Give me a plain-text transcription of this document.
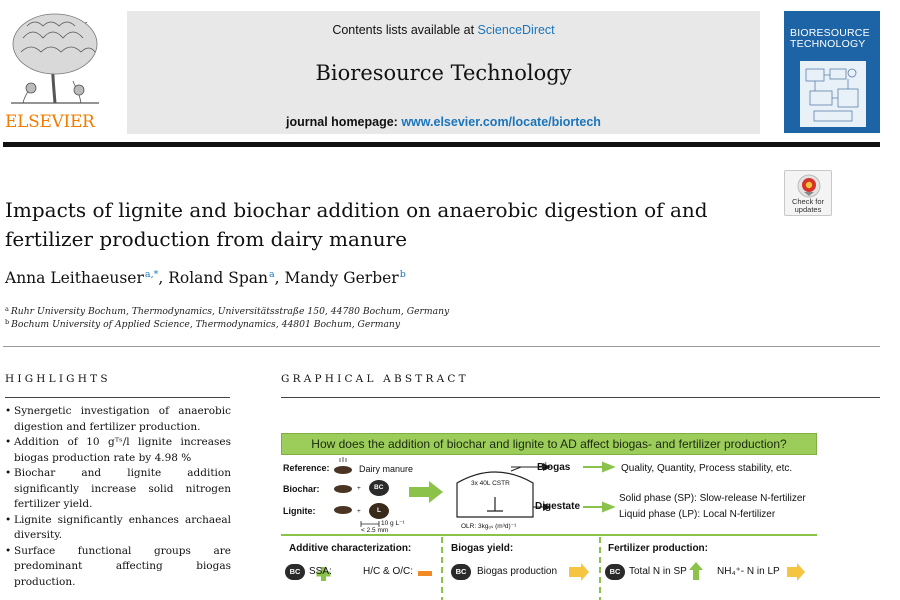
ELSEVIER
Contents lists available at ScienceDirect
Bioresource Technology
journal homepage: www.elsevier.com/locate/biortech
BIORESOURCE
TECHNOLOGY
Check for
updates
Impacts of lignite and biochar addition on anaerobic digestion of and
fertilizer production from dairy manure
Anna Leithaeuser$^{a,*}$, Roland Span$^a$, Mandy Gerber$^b$
$^a$ Ruhr University Bochum, Thermodynamics, Universitätsstraße 150, 44780 Bochum, Germany
$^b$ Bochum University of Applied Science, Thermodynamics, 44801 Bochum, Germany
HIGHLIGHTS
• Synergetic investigation of anaerobic digestion and fertilizer production.
• Addition of 10 gᵀˢ/l lignite increases biogas production rate by 4.98 %
• Biochar and lignite addition significantly increase solid nitrogen fertilizer yield.
• Lignite significantly enhances archaeal diversity.
• Surface functional groups are predominant affecting biogas production.
GRAPHICAL ABSTRACT
How does the addition of biochar and lignite to AD affect biogas- and fertilizer production?
Reference:	Dairy manure
Biochar:
Lignite:
+
+
BC
L
10 g L⁻¹
< 2.5 mm
3x 40L CSTR
OLR: 3kgₒₛ (m³d)⁻¹
Biogas	Quality, Quantity, Process stability, etc.
Digestate
Solid phase (SP): Slow-release N-fertilizer
Liquid phase (LP): Local N-fertilizer
Additive characterization:	Biogas yield:	Fertilizer production:
BC SSA:	H/C & O/C:	BC	Biogas production	BC Total N in SP	NH₄⁺- N in LP
